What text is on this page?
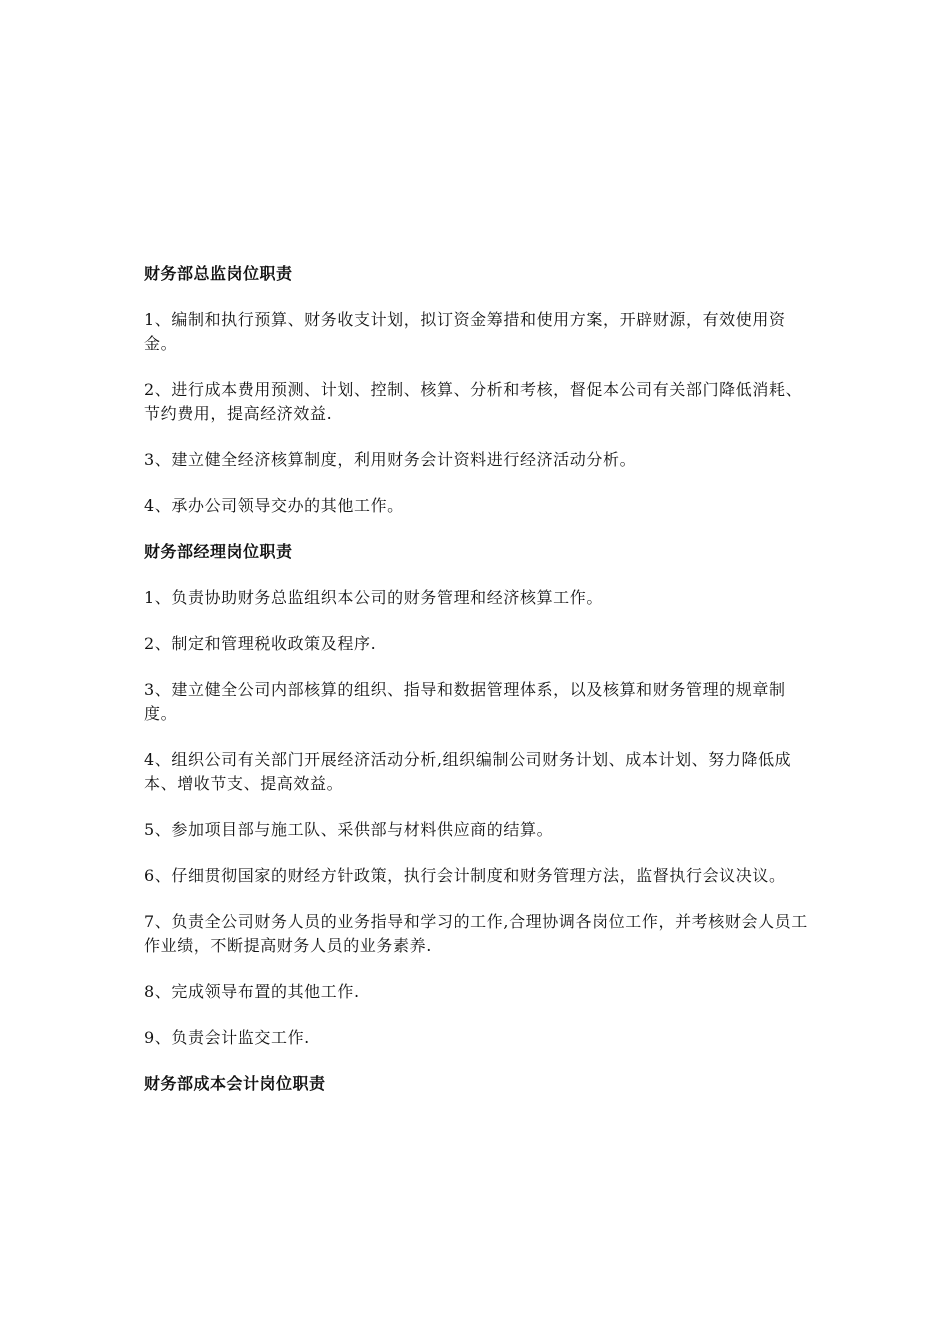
财务部总监岗位职责
1、编制和执行预算、财务收支计划，拟订资金筹措和使用方案，开辟财源，有效使用资金。
2、进行成本费用预测、计划、控制、核算、分析和考核，督促本公司有关部门降低消耗、节约费用，提高经济效益.
3、建立健全经济核算制度，利用财务会计资料进行经济活动分析。
4、承办公司领导交办的其他工作。
财务部经理岗位职责
1、负责协助财务总监组织本公司的财务管理和经济核算工作。
2、制定和管理税收政策及程序.
3、建立健全公司内部核算的组织、指导和数据管理体系，以及核算和财务管理的规章制度。
4、组织公司有关部门开展经济活动分析,组织编制公司财务计划、成本计划、努力降低成本、增收节支、提高效益。
5、参加项目部与施工队、采供部与材料供应商的结算。
6、仔细贯彻国家的财经方针政策，执行会计制度和财务管理方法，监督执行会议决议。
7、负责全公司财务人员的业务指导和学习的工作,合理协调各岗位工作，并考核财会人员工作业绩，不断提高财务人员的业务素养.
8、完成领导布置的其他工作.
9、负责会计监交工作.
财务部成本会计岗位职责
